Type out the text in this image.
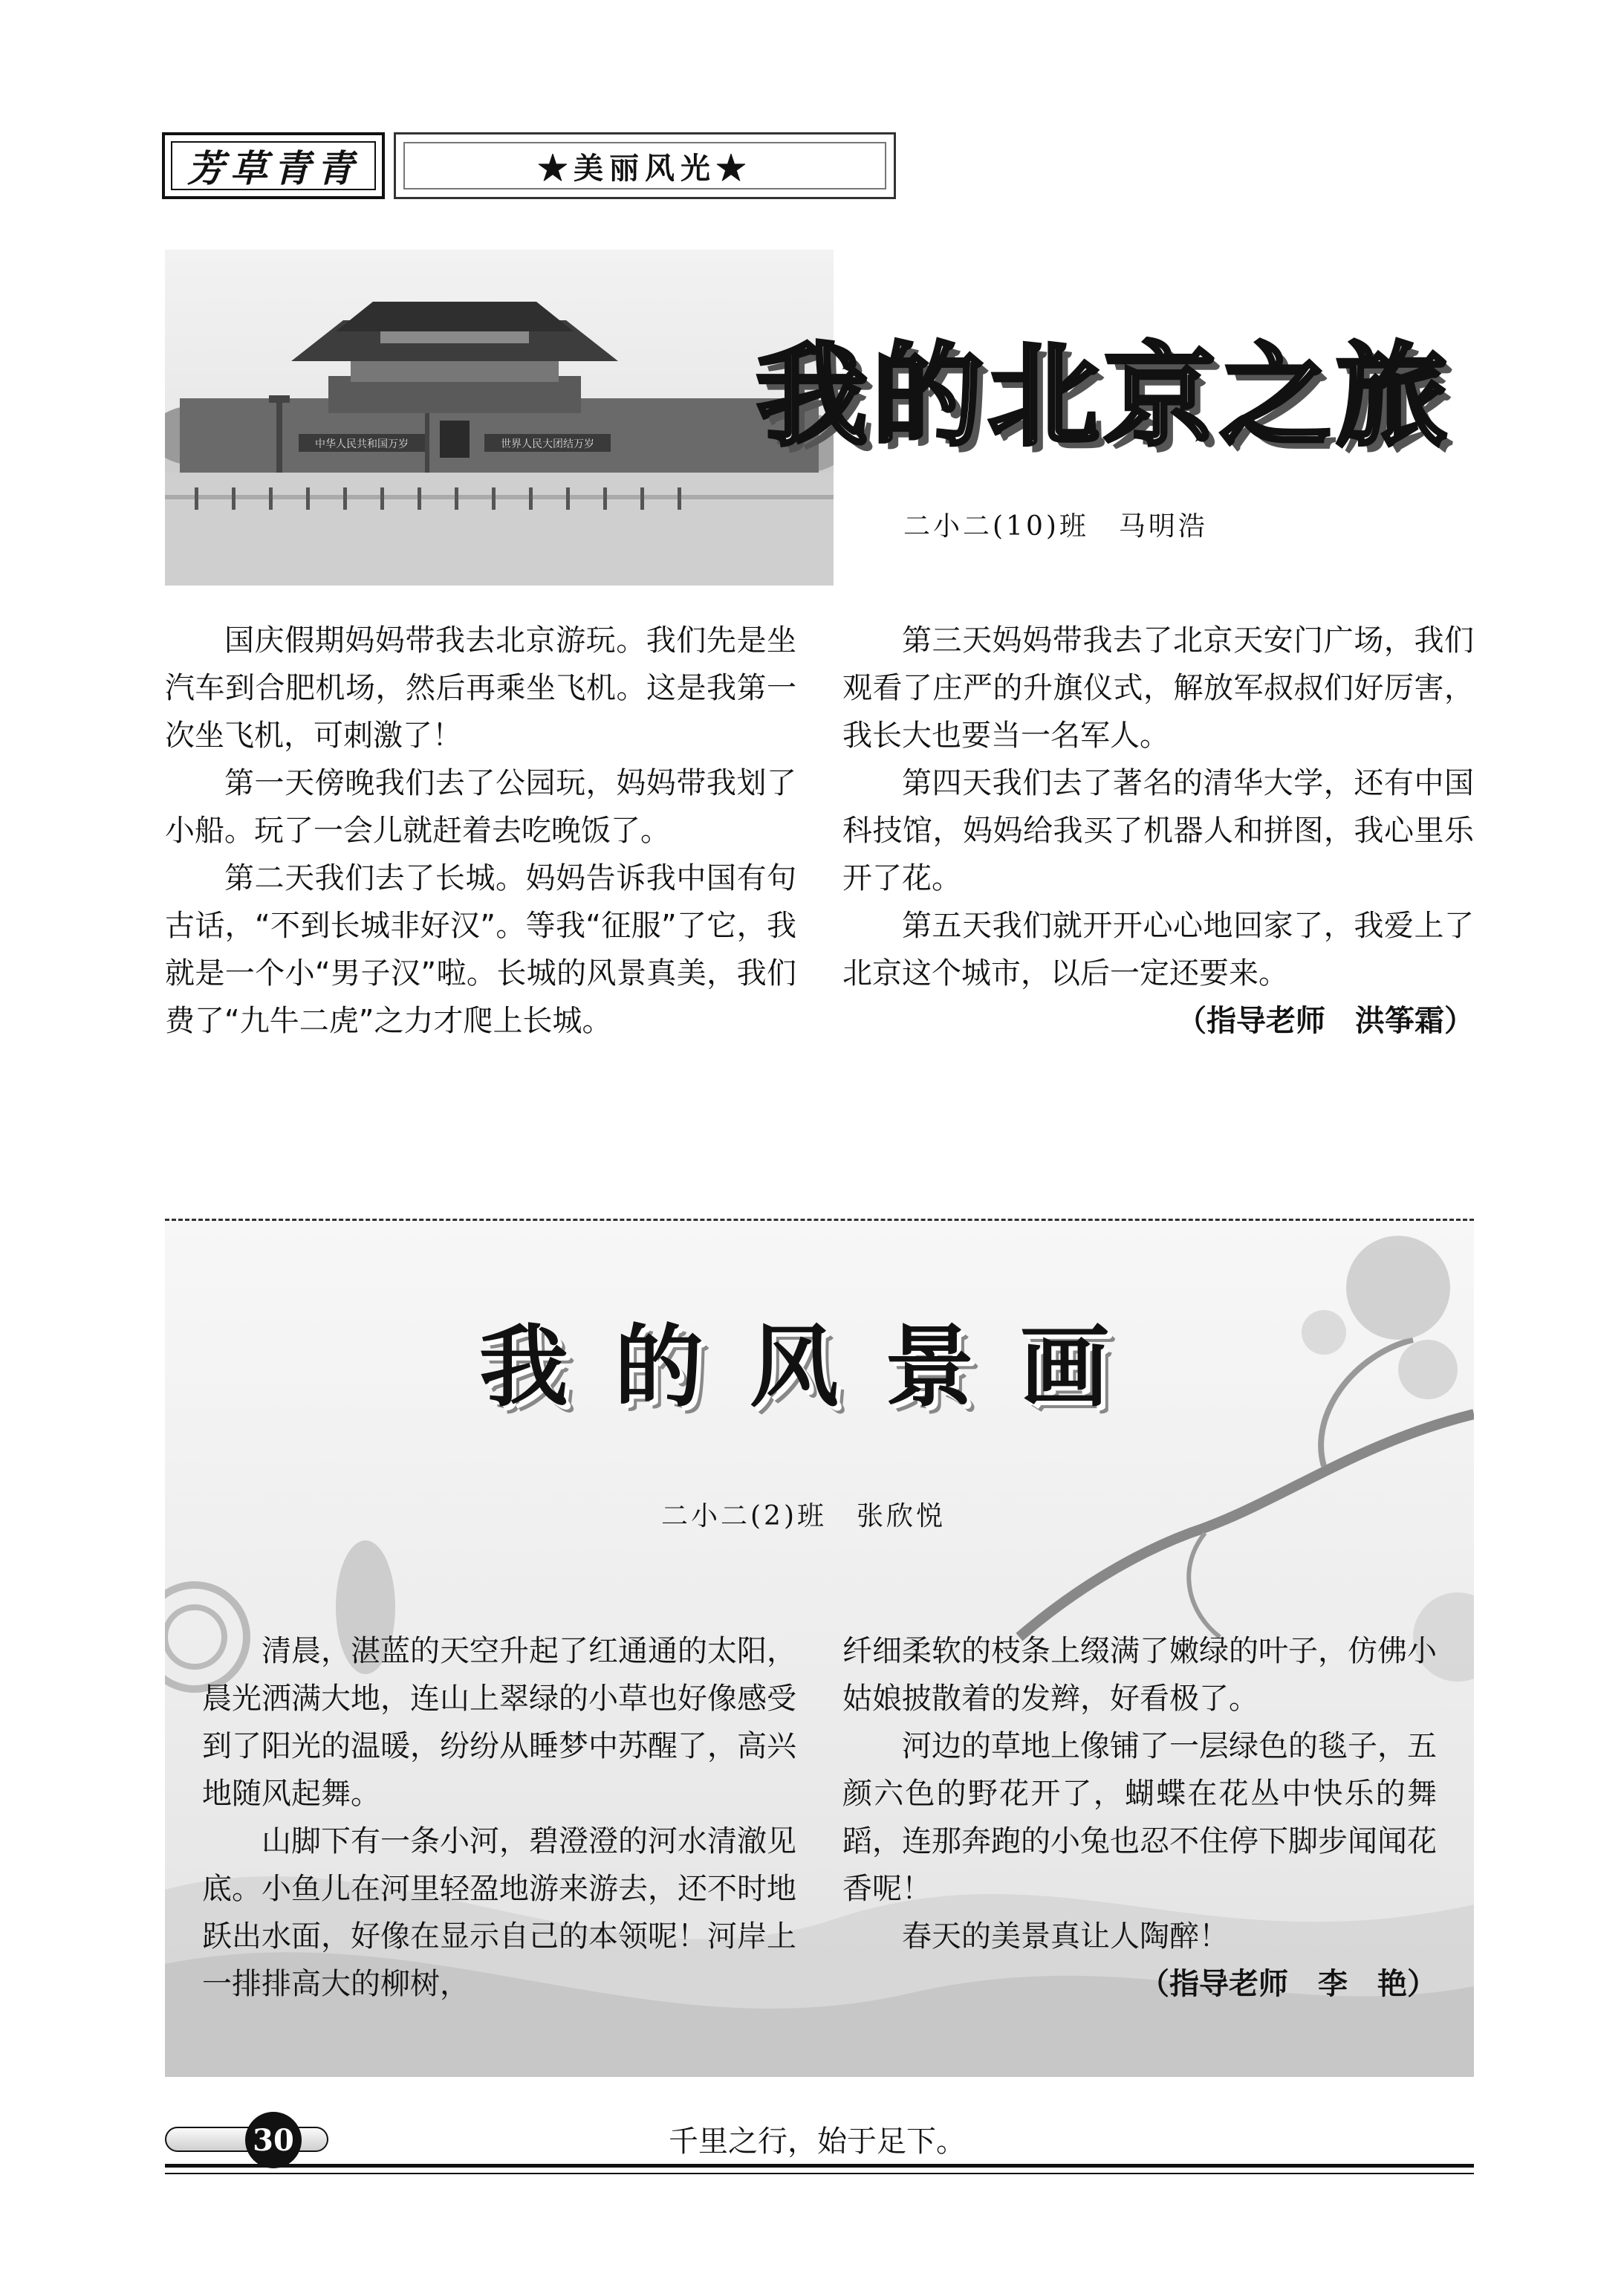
芳草青青	★美丽风光★
中华人民共和国万岁	世界人民大团结万岁 我的北京之旅
二小二(10)班　马明浩

国庆假期妈妈带我去北京游玩。我们先是坐汽车到合肥机场，然后再乘坐飞机。这是我第一次坐飞机，可刺激了！

第一天傍晚我们去了公园玩，妈妈带我划了小船。玩了一会儿就赶着去吃晚饭了。

第二天我们去了长城。妈妈告诉我中国有句古话，“不到长城非好汉”。等我“征服”了它，我就是一个小“男子汉”啦。长城的风景真美，我们费了“九牛二虎”之力才爬上长城。

第三天妈妈带我去了北京天安门广场，我们观看了庄严的升旗仪式，解放军叔叔们好厉害，我长大也要当一名军人。

第四天我们去了著名的清华大学，还有中国科技馆，妈妈给我买了机器人和拼图，我心里乐开了花。

第五天我们就开开心心地回家了，我爱上了北京这个城市，以后一定还要来。

（指导老师　洪筝霜）

我的风景画
二小二(2)班　张欣悦

清晨，湛蓝的天空升起了红通通的太阳，晨光洒满大地，连山上翠绿的小草也好像感受到了阳光的温暖，纷纷从睡梦中苏醒了，高兴地随风起舞。

山脚下有一条小河，碧澄澄的河水清澈见底。小鱼儿在河里轻盈地游来游去，还不时地跃出水面，好像在显示自己的本领呢！河岸上一排排高大的柳树，

纤细柔软的枝条上缀满了嫩绿的叶子，仿佛小姑娘披散着的发辫，好看极了。

河边的草地上像铺了一层绿色的毯子，五颜六色的野花开了，蝴蝶在花丛中快乐的舞蹈，连那奔跑的小兔也忍不住停下脚步闻闻花香呢！

春天的美景真让人陶醉！

（指导老师　李　艳）

30	千里之行，始于足下。
